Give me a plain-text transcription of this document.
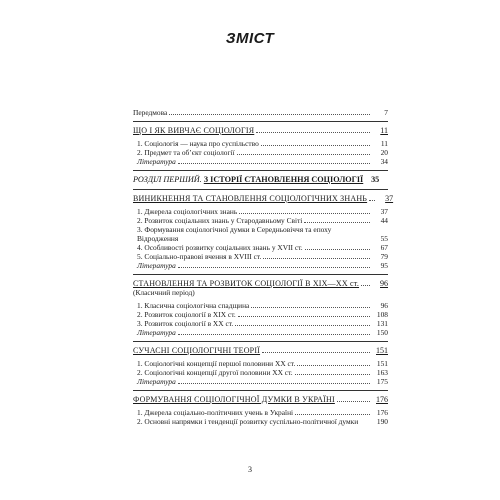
ЗМІСТ
Передмова	7
ЩО І ЯК ВИВЧАЄ СОЦІОЛОГІЯ	11
1. Соціологія — наука про суспільство	11
2. Предмет та об’єкт соціології	20
Література	34
РОЗДІЛ ПЕРШИЙ. З ІСТОРІЇ СТАНОВЛЕННЯ СОЦІОЛОГІЇ 35
ВИНИКНЕННЯ ТА СТАНОВЛЕННЯ СОЦІОЛОГІЧНИХ ЗНАНЬ	37
1. Джерела соціологічних знань	37
2. Розвиток соціальних знань у Стародавньому Світі	44
3. Формування соціологічної думки в Середньовіччя та епоху Відродження	55
4. Особливості розвитку соціальних знань у XVII ст.	67
5. Соціально-правові вчення в XVIII ст.	79
Література	95
СТАНОВЛЕННЯ ТА РОЗВИТОК СОЦІОЛОГІЇ В XIX—XX ст.	96
(Класичний період)
1. Класична соціологічна спадщина	96
2. Розвиток соціології в XIX ст.	108
3. Розвиток соціології в XX ст.	131
Література	150
СУЧАСНІ СОЦІОЛОГІЧНІ ТЕОРІЇ	151
1. Соціологічні концепції першої половини XX ст.	151
2. Соціологічні концепції другої половини XX ст.	163
Література	175
ФОРМУВАННЯ СОЦІОЛОГІЧНОЇ ДУМКИ В УКРАЇНІ	176
1. Джерела соціально-політичних учень в Україні	176
2. Основні напрямки і тенденції розвитку суспільно-політичної думки	190
3
